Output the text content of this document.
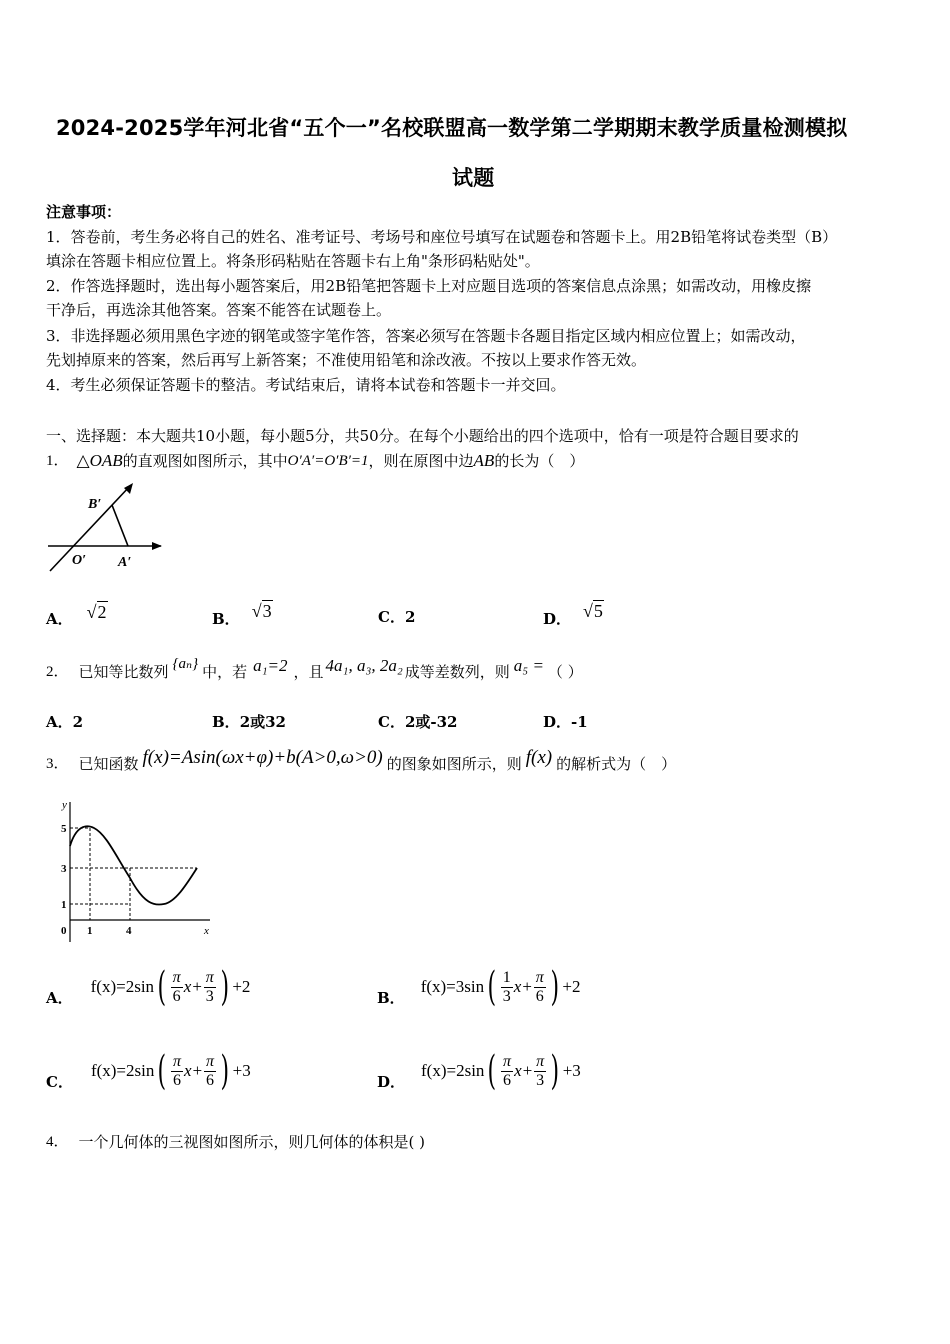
2024-2025学年河北省“五个一”名校联盟高一数学第二学期期末教学质量检测模拟
试题
注意事项：
1．答卷前，考生务必将自己的姓名、准考证号、考场号和座位号填写在试题卷和答题卡上。用2B铅笔将试卷类型（B）
填涂在答题卡相应位置上。将条形码粘贴在答题卡右上角"条形码粘贴处"。
2．作答选择题时，选出每小题答案后，用2B铅笔把答题卡上对应题目选项的答案信息点涂黑；如需改动，用橡皮擦
干净后，再选涂其他答案。答案不能答在试题卷上。
3．非选择题必须用黑色字迹的钢笔或签字笔作答，答案必须写在答题卡各题目指定区域内相应位置上；如需改动，
先划掉原来的答案，然后再写上新答案；不准使用铅笔和涂改液。不按以上要求作答无效。
4．考生必须保证答题卡的整洁。考试结束后，请将本试卷和答题卡一并交回。
一、选择题：本大题共10小题，每小题5分，共50分。在每个小题给出的四个选项中，恰有一项是符合题目要求的
1． △OAB 的直观图如图所示，其中 O′A′=O′B′=1 ，则在原图中边 AB 的长为（　）
B′
O′ A′
A． √2	B． √3	C．2	D． √5
2． 已知等比数列 {aₙ} 中，若 a₁=2 ，且 4a₁, a₃, 2a₂ 成等差数列，则 a₅ = （ ）
A．2	B．2或32	C．2或-32	D．-1
3． 已知函数 f(x)=Asin(ωx+φ)+b(A>0,ω>0) 的图象如图所示，则 f(x) 的解析式为（　）
y
x
0
5
3
1
1	4
A．
f(x)=2sin ( $\frac{\pi}{6} x+ \frac{\pi}{3}$ ) +2
B．
f(x)=3sin ( $\frac{1}{3} x+ \frac{\pi}{6}$ ) +2
C．
f(x)=2sin ( $\frac{\pi}{6} x+ \frac{\pi}{6}$ ) +3
D．
f(x)=2sin ( $\frac{\pi}{6} x+ \frac{\pi}{3}$ ) +3
4． 一个几何体的三视图如图所示，则几何体的体积是( )
